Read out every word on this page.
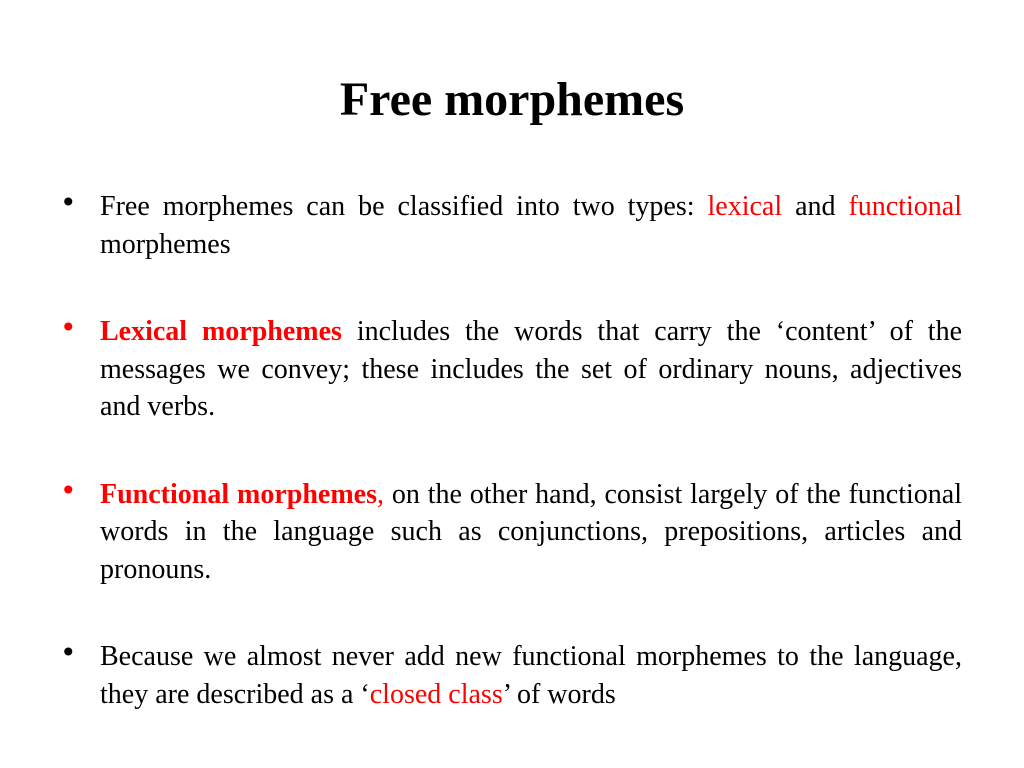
Free morphemes
• Free morphemes can be classified into two types: lexical and functional morphemes
• Lexical morphemes includes the words that carry the ‘content’ of the messages we convey; these includes the set of ordinary nouns, adjectives and verbs.
• Functional morphemes, on the other hand, consist largely of the functional words in the language such as conjunctions, prepositions, articles and pronouns.
• Because we almost never add new functional morphemes to the language, they are described as a ‘closed class’ of words
